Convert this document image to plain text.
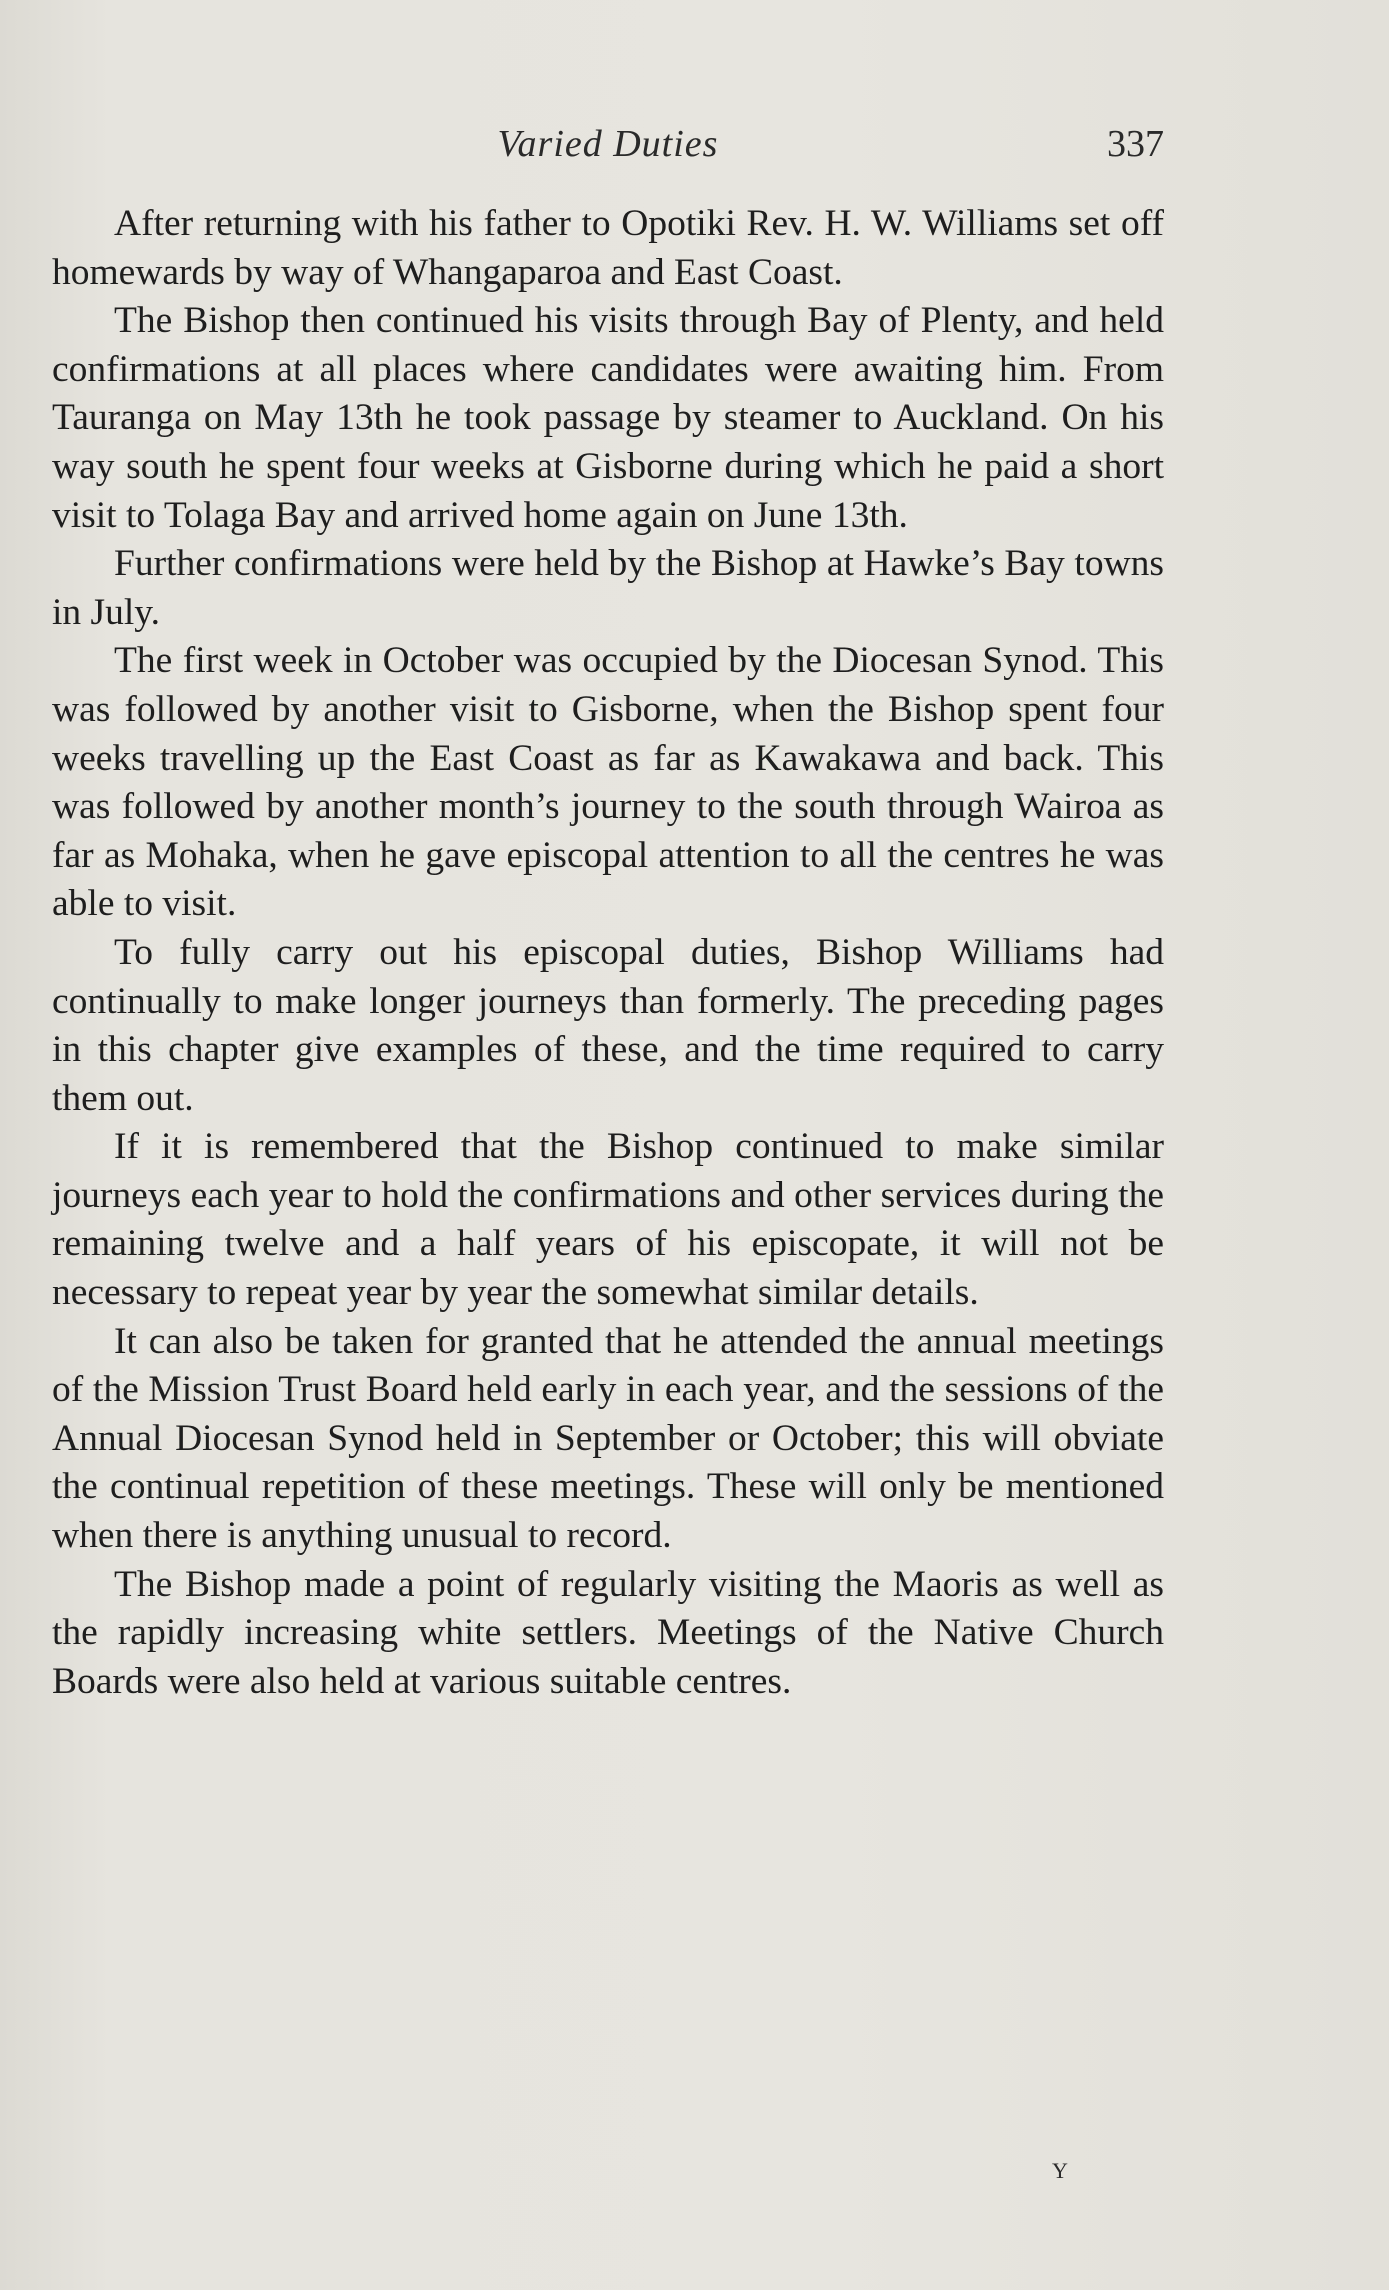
Varied Duties	337

After returning with his father to Opotiki Rev. H. W. Williams set off homewards by way of Whangaparoa and East Coast.

The Bishop then continued his visits through Bay of Plenty, and held confirmations at all places where candidates were awaiting him. From Tauranga on May 13th he took passage by steamer to Auckland. On his way south he spent four weeks at Gisborne during which he paid a short visit to Tolaga Bay and arrived home again on June 13th.

Further confirmations were held by the Bishop at Hawke’s Bay towns in July.

The first week in October was occupied by the Diocesan Synod. This was followed by another visit to Gisborne, when the Bishop spent four weeks travelling up the East Coast as far as Kawakawa and back. This was followed by another month’s journey to the south through Wairoa as far as Mohaka, when he gave episcopal attention to all the centres he was able to visit.

To fully carry out his episcopal duties, Bishop Williams had continually to make longer journeys than formerly. The preceding pages in this chapter give examples of these, and the time required to carry them out.

If it is remembered that the Bishop continued to make similar journeys each year to hold the confirmations and other services during the remaining twelve and a half years of his episcopate, it will not be necessary to repeat year by year the somewhat similar details.

It can also be taken for granted that he attended the annual meetings of the Mission Trust Board held early in each year, and the sessions of the Annual Diocesan Synod held in September or October; this will obviate the continual repetition of these meetings. These will only be mentioned when there is anything unusual to record.

The Bishop made a point of regularly visiting the Maoris as well as the rapidly increasing white settlers. Meetings of the Native Church Boards were also held at various suitable centres.

Y
